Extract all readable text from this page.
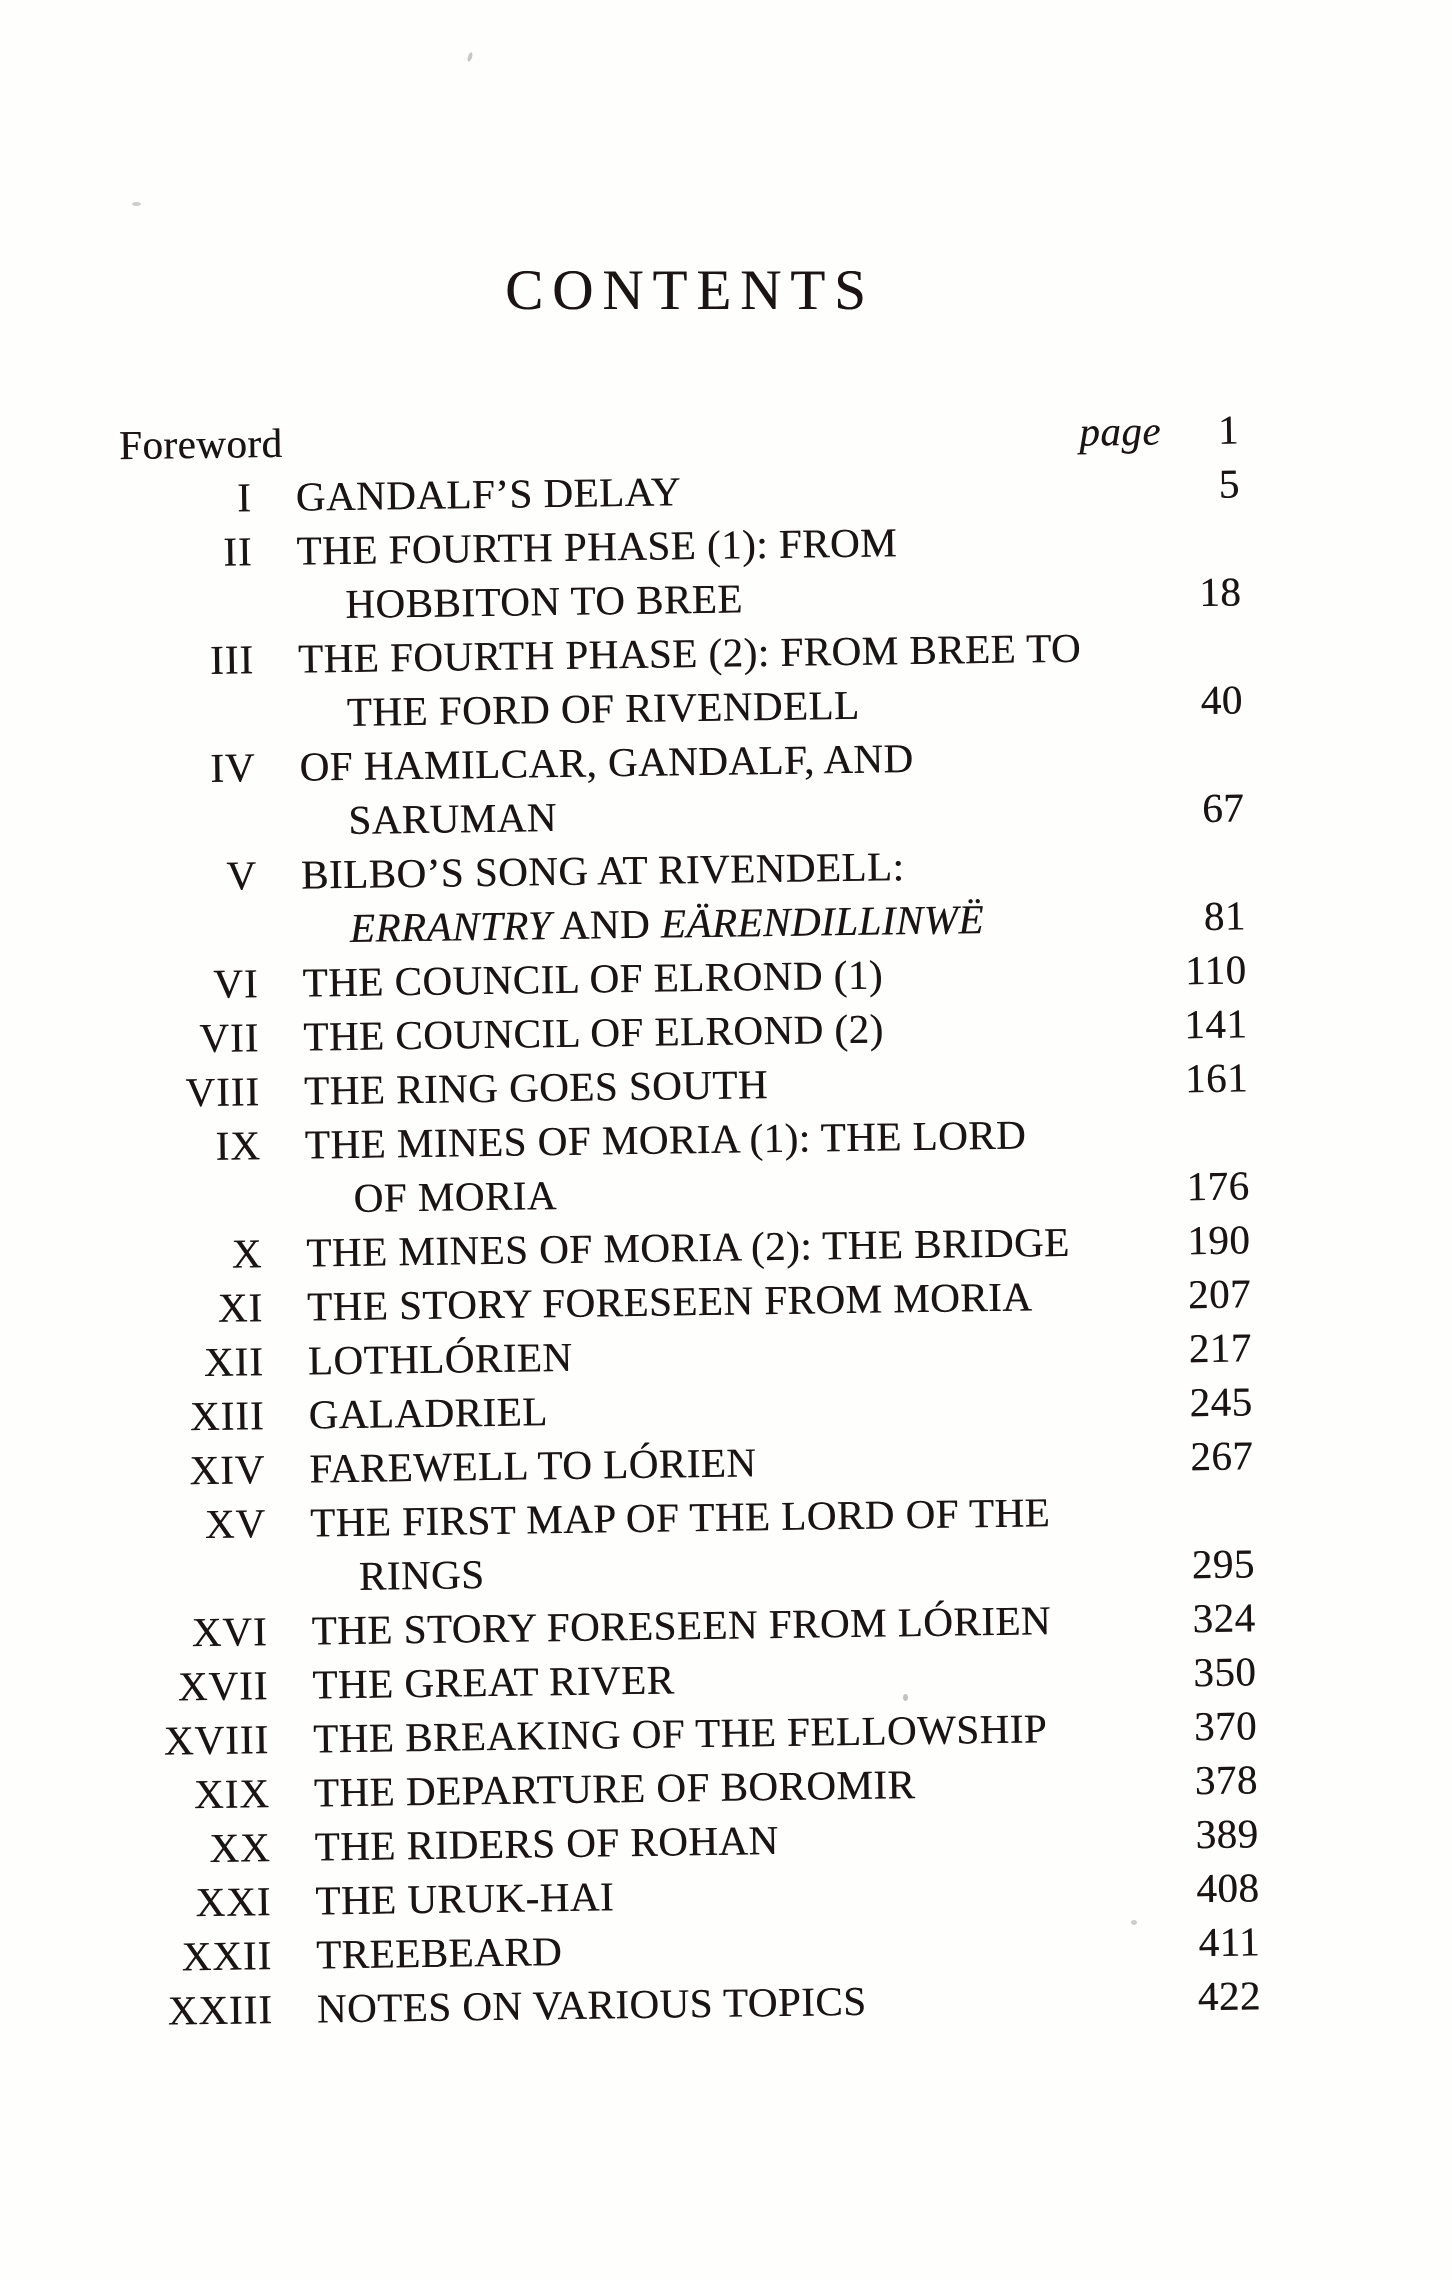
CONTENTS
Foreword	page	1
I GANDALF’S DELAY	5
II THE FOURTH PHASE (1): FROM
HOBBITON TO BREE	18
III THE FOURTH PHASE (2): FROM BREE TO
THE FORD OF RIVENDELL	40
IV OF HAMILCAR, GANDALF, AND
SARUMAN	67
V BILBO’S SONG AT RIVENDELL:
ERRANTRY AND EÄRENDILLINWË	81
VI THE COUNCIL OF ELROND (1)	110
VII THE COUNCIL OF ELROND (2)	141
VIII THE RING GOES SOUTH	161
IX THE MINES OF MORIA (1): THE LORD
OF MORIA	176
X THE MINES OF MORIA (2): THE BRIDGE	190
XI THE STORY FORESEEN FROM MORIA	207
XII LOTHLÓRIEN	217
XIII GALADRIEL	245
XIV FAREWELL TO LÓRIEN	267
XV THE FIRST MAP OF THE LORD OF THE
RINGS	295
XVI THE STORY FORESEEN FROM LÓRIEN	324
XVII THE GREAT RIVER	350
XVIII THE BREAKING OF THE FELLOWSHIP	370
XIX THE DEPARTURE OF BOROMIR	378
XX THE RIDERS OF ROHAN	389
XXI THE URUK-HAI	408
XXII TREEBEARD	411
XXIII NOTES ON VARIOUS TOPICS	422
